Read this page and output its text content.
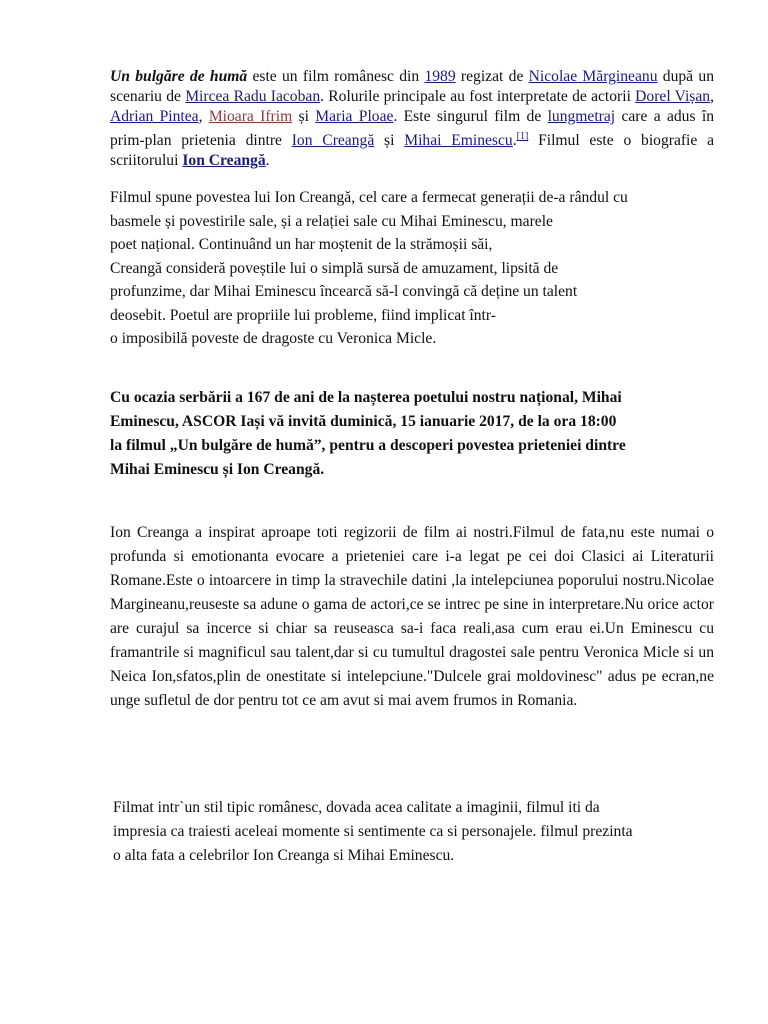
Un bulgăre de humă este un film românesc din 1989 regizat de Nicolae Mărgineanu după un scenariu de Mircea Radu Iacoban. Rolurile principale au fost interpretate de actorii Dorel Vișan, Adrian Pintea, Mioara Ifrim și Maria Ploae. Este singurul film de lungmetraj care a adus în prim-plan prietenia dintre Ion Creangă și Mihai Eminescu.[1] Filmul este o biografie a scriitorului Ion Creangă.

Filmul spune povestea lui Ion Creangă, cel care a fermecat generații de-a rândul cu
basmele și povestirile sale, și a relației sale cu Mihai Eminescu, marele
poet național. Continuând un har moștenit de la strămoșii săi,
Creangă consideră poveștile lui o simplă sursă de amuzament, lipsită de
profunzime, dar Mihai Eminescu încearcă să-l convingă că deține un talent
deosebit. Poetul are propriile lui probleme, fiind implicat într-
o imposibilă poveste de dragoste cu Veronica Micle.
Cu ocazia serbării a 167 de ani de la nașterea poetului nostru național, Mihai
Eminescu, ASCOR Iași vă invită duminică, 15 ianuarie 2017, de la ora 18:00
la filmul „Un bulgăre de humă”, pentru a descoperi povestea prieteniei dintre
Mihai Eminescu și Ion Creangă.

Ion Creanga a inspirat aproape toti regizorii de film ai nostri.Filmul de fata,nu este numai o profunda si emotionanta evocare a prieteniei care i-a legat pe cei doi Clasici ai Literaturii Romane.Este o intoarcere in timp la stravechile datini ,la intelepciunea poporului nostru.Nicolae Margineanu,reuseste sa adune o gama de actori,ce se intrec pe sine in interpretare.Nu orice actor are curajul sa incerce si chiar sa reuseasca sa-i faca reali,asa cum erau ei.Un Eminescu cu framantrile si magnificul sau talent,dar si cu tumultul dragostei sale pentru Veronica Micle si un Neica Ion,sfatos,plin de onestitate si intelepciune."Dulcele grai moldovinesc" adus pe ecran,ne unge sufletul de dor pentru tot ce am avut si mai avem frumos in Romania.

Filmat intr`un stil tipic românesc, dovada acea calitate a imaginii, filmul iti da
impresia ca traiesti aceleai momente si sentimente ca si personajele. filmul prezinta
o alta fata a celebrilor Ion Creanga si Mihai Eminescu.
